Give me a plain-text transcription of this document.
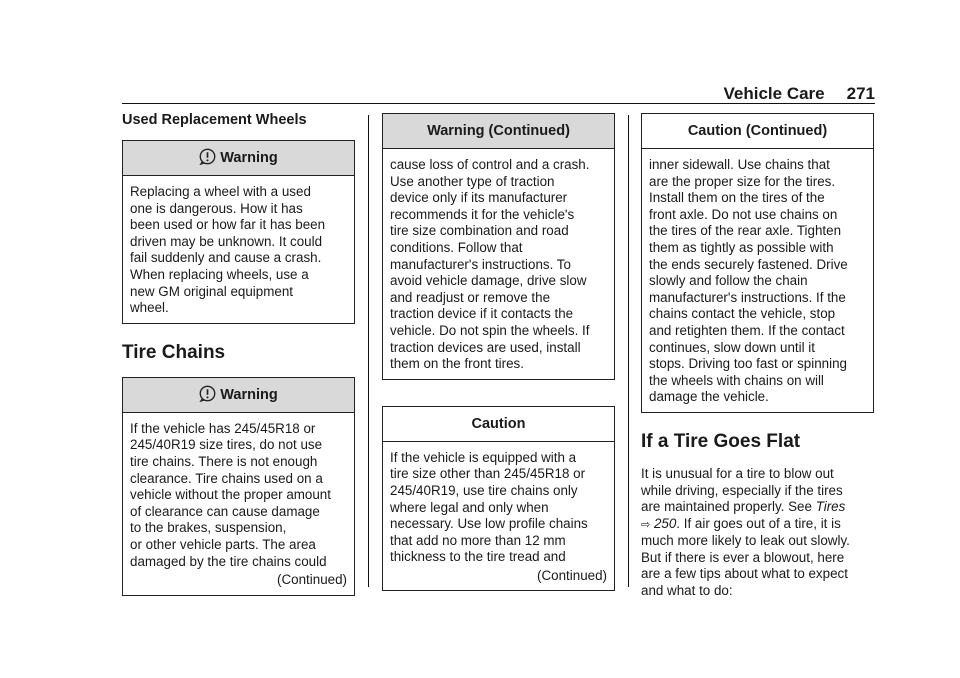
Vehicle Care 271
Used Replacement Wheels
Warning
Replacing a wheel with a used
one is dangerous. How it has
been used or how far it has been
driven may be unknown. It could
fail suddenly and cause a crash.
When replacing wheels, use a
new GM original equipment
wheel.
Tire Chains
Warning
If the vehicle has 245/45R18 or
245/40R19 size tires, do not use
tire chains. There is not enough
clearance. Tire chains used on a
vehicle without the proper amount
of clearance can cause damage
to the brakes, suspension,
or other vehicle parts. The area
damaged by the tire chains could
(Continued)
Warning (Continued)
cause loss of control and a crash.
Use another type of traction
device only if its manufacturer
recommends it for the vehicle's
tire size combination and road
conditions. Follow that
manufacturer's instructions. To
avoid vehicle damage, drive slow
and readjust or remove the
traction device if it contacts the
vehicle. Do not spin the wheels. If
traction devices are used, install
them on the front tires.
Caution
If the vehicle is equipped with a
tire size other than 245/45R18 or
245/40R19, use tire chains only
where legal and only when
necessary. Use low profile chains
that add no more than 12 mm
thickness to the tire tread and
(Continued)
Caution (Continued)
inner sidewall. Use chains that
are the proper size for the tires.
Install them on the tires of the
front axle. Do not use chains on
the tires of the rear axle. Tighten
them as tightly as possible with
the ends securely fastened. Drive
slowly and follow the chain
manufacturer's instructions. If the
chains contact the vehicle, stop
and retighten them. If the contact
continues, slow down until it
stops. Driving too fast or spinning
the wheels with chains on will
damage the vehicle.
If a Tire Goes Flat

It is unusual for a tire to blow out

while driving, especially if the tires

are maintained properly. See Tires

⇨ 250. If air goes out of a tire, it is

much more likely to leak out slowly.

But if there is ever a blowout, here

are a few tips about what to expect

and what to do:
